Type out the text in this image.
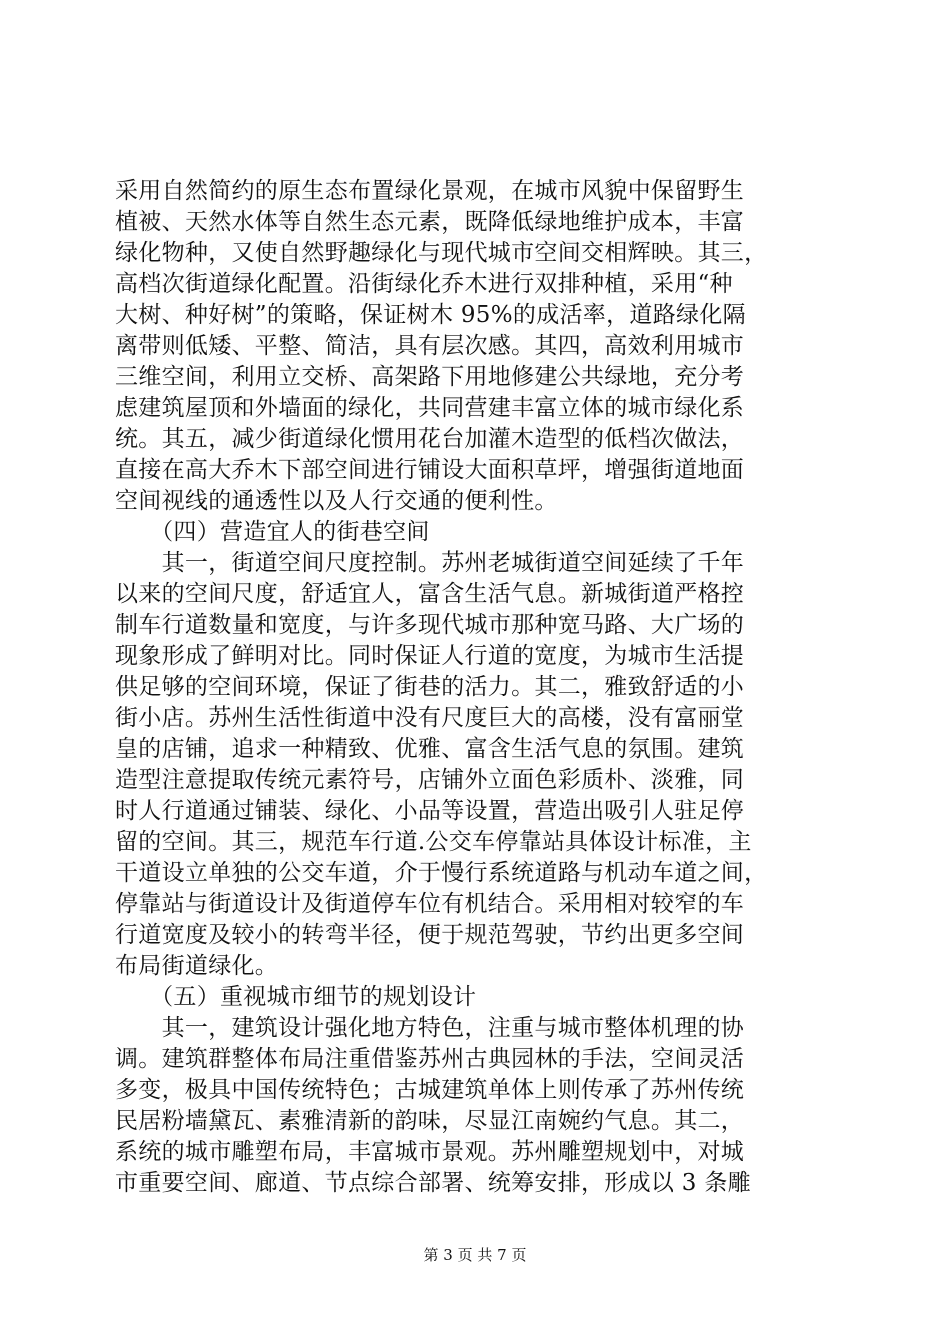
采用自然简约的原生态布置绿化景观，在城市风貌中保留野生
植被、天然水体等自然生态元素，既降低绿地维护成本，丰富
绿化物种，又使自然野趣绿化与现代城市空间交相辉映。其三，
高档次街道绿化配置。沿街绿化乔木进行双排种植，采用“种
大树、种好树”的策略，保证树木 95%的成活率，道路绿化隔
离带则低矮、平整、简洁，具有层次感。其四，高效利用城市
三维空间，利用立交桥、高架路下用地修建公共绿地，充分考
虑建筑屋顶和外墙面的绿化，共同营建丰富立体的城市绿化系
统。其五，减少街道绿化惯用花台加灌木造型的低档次做法，
直接在高大乔木下部空间进行铺设大面积草坪，增强街道地面
空间视线的通透性以及人行交通的便利性。
　　（四）营造宜人的街巷空间
　　其一，街道空间尺度控制。苏州老城街道空间延续了千年
以来的空间尺度，舒适宜人，富含生活气息。新城街道严格控
制车行道数量和宽度，与许多现代城市那种宽马路、大广场的
现象形成了鲜明对比。同时保证人行道的宽度，为城市生活提
供足够的空间环境，保证了街巷的活力。其二，雅致舒适的小
街小店。苏州生活性街道中没有尺度巨大的高楼，没有富丽堂
皇的店铺，追求一种精致、优雅、富含生活气息的氛围。建筑
造型注意提取传统元素符号，店铺外立面色彩质朴、淡雅，同
时人行道通过铺装、绿化、小品等设置，营造出吸引人驻足停
留的空间。其三，规范车行道.公交车停靠站具体设计标准，主
干道设立单独的公交车道，介于慢行系统道路与机动车道之间，
停靠站与街道设计及街道停车位有机结合。采用相对较窄的车
行道宽度及较小的转弯半径，便于规范驾驶，节约出更多空间
布局街道绿化。
　　（五）重视城市细节的规划设计
　　其一，建筑设计强化地方特色，注重与城市整体机理的协
调。建筑群整体布局注重借鉴苏州古典园林的手法，空间灵活
多变，极具中国传统特色；古城建筑单体上则传承了苏州传统
民居粉墙黛瓦、素雅清新的韵味，尽显江南婉约气息。其二，
系统的城市雕塑布局，丰富城市景观。苏州雕塑规划中，对城
市重要空间、廊道、节点综合部署、统筹安排，形成以 3 条雕
第 3 页 共 7 页
